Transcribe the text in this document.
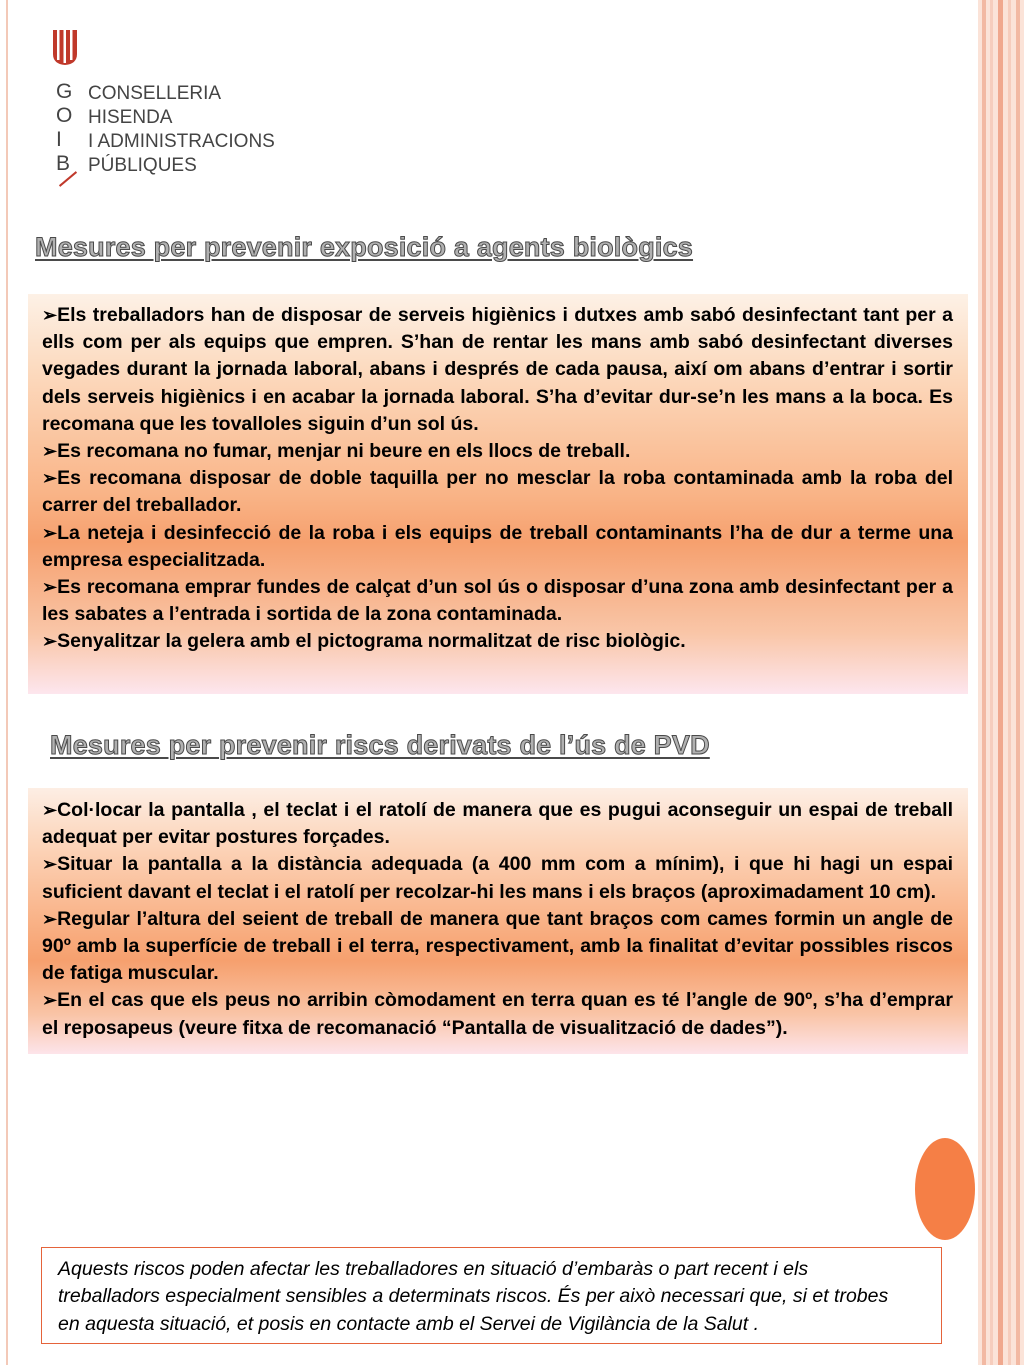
G
O
I
B
CONSELLERIA
HISENDA
I ADMINISTRACIONS
PÚBLIQUES
Mesures per prevenir exposició a agents biològics

➢Els treballadors han de disposar de serveis higiènics i dutxes amb sabó desinfectant tant per a ells com per als equips que empren. S’han de rentar les mans amb sabó desinfectant diverses vegades durant la jornada laboral, abans i després de cada pausa, així om abans d’entrar i sortir dels serveis higiènics i en acabar la jornada laboral. S’ha d’evitar dur-se’n les mans a la boca. Es recomana que les tovalloles siguin d’un sol ús.

➢Es recomana no fumar, menjar ni beure en els llocs de treball.

➢Es recomana disposar de doble taquilla per no mesclar la roba contaminada amb la roba del carrer del treballador.

➢La neteja i desinfecció de la roba i els equips de treball contaminants l’ha de dur a terme una empresa especialitzada.

➢Es recomana emprar fundes de calçat d’un sol ús o disposar d’una zona amb desinfectant per a les sabates a l’entrada i sortida de la zona contaminada.

➢Senyalitzar la gelera amb el pictograma normalitzat de risc biològic.

Mesures per prevenir riscs derivats de l’ús de PVD

➢Col·locar la pantalla , el teclat i el ratolí de manera que es pugui aconseguir un espai de treball adequat per evitar postures forçades.

➢Situar la pantalla a la distància adequada (a 400 mm com a mínim), i que hi hagi un espai suficient davant el teclat i el ratolí per recolzar-hi les mans i els braços (aproximadament 10 cm).

➢Regular l’altura del seient de treball de manera que tant braços com cames formin un angle de 90º amb la superfície de treball i el terra, respectivament, amb la finalitat d’evitar possibles riscos de fatiga muscular.

➢En el cas que els peus no arribin còmodament en terra quan es té l’angle de 90º, s’ha d’emprar el reposapeus (veure fitxa de recomanació “Pantalla de visualització de dades”).

Aquests riscos poden afectar les treballadores en situació d’embaràs o part recent i els treballadors especialment sensibles a determinats riscos. És per això necessari que, si et trobes en aquesta situació, et posis en contacte amb el Servei de Vigilància de la Salut .
